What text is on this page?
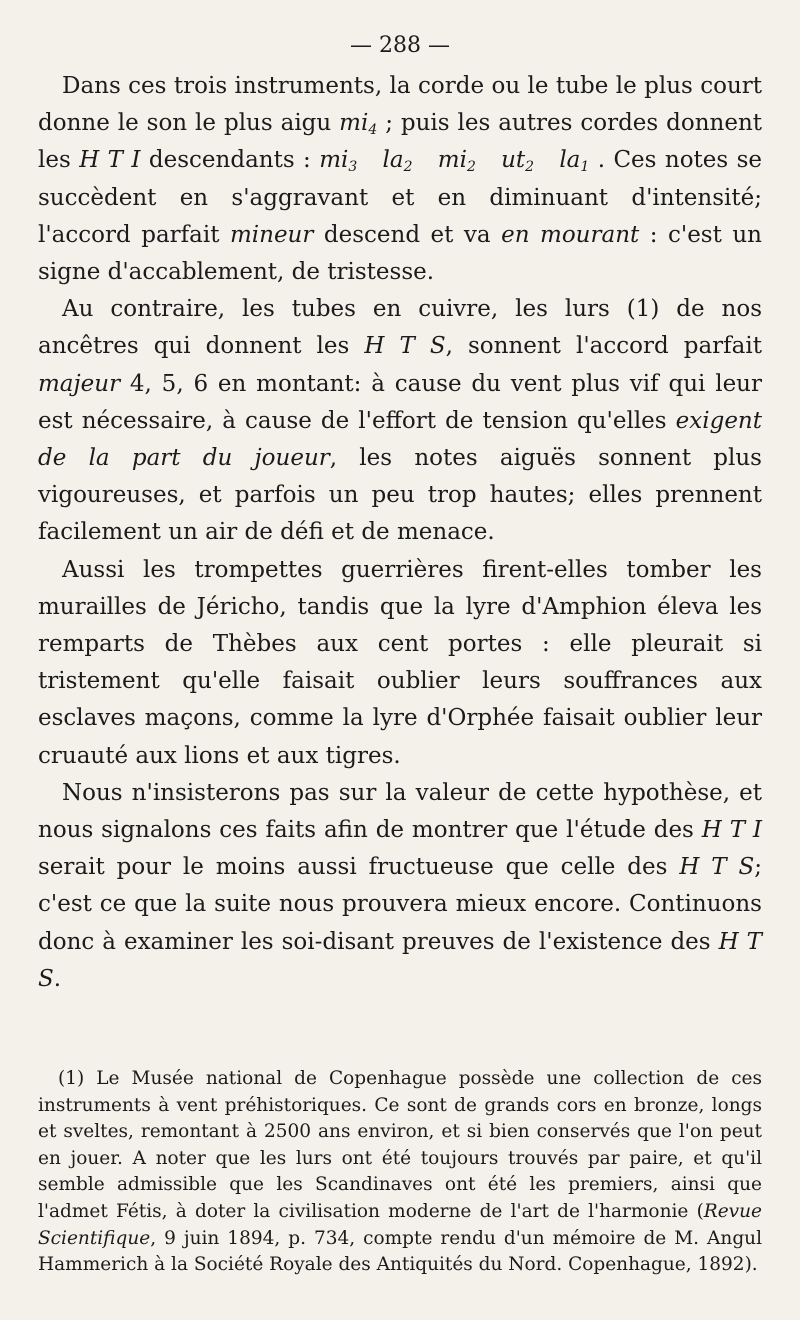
— 288 —

Dans ces trois instruments, la corde ou le tube le plus court donne le son le plus aigu $mi_4$ ; puis les autres cordes donnent les H T I descendants : $mi_3$ $la_2$ $mi_2$ $ut_2$ $la_1$ . Ces notes se succèdent en s'aggravant et en diminuant d'intensité; l'accord parfait mineur descend et va en mourant : c'est un signe d'accablement, de tristesse.

Au contraire, les tubes en cuivre, les lurs (1) de nos ancêtres qui donnent les H T S, sonnent l'accord parfait majeur 4, 5, 6 en montant: à cause du vent plus vif qui leur est nécessaire, à cause de l'effort de tension qu'elles exigent de la part du joueur, les notes aiguës sonnent plus vigoureuses, et parfois un peu trop hautes; elles prennent facilement un air de défi et de menace.

Aussi les trompettes guerrières firent-elles tomber les murailles de Jéricho, tandis que la lyre d'Amphion éleva les remparts de Thèbes aux cent portes : elle pleurait si tristement qu'elle faisait oublier leurs souffrances aux esclaves maçons, comme la lyre d'Orphée faisait oublier leur cruauté aux lions et aux tigres.

Nous n'insisterons pas sur la valeur de cette hypothèse, et nous signalons ces faits afin de montrer que l'étude des H T I serait pour le moins aussi fructueuse que celle des H T S; c'est ce que la suite nous prouvera mieux encore. Continuons donc à examiner les soi-disant preuves de l'existence des H T S.

(1) Le Musée national de Copenhague possède une collection de ces instruments à vent préhistoriques. Ce sont de grands cors en bronze, longs et sveltes, remontant à 2500 ans environ, et si bien conservés que l'on peut en jouer. A noter que les lurs ont été toujours trouvés par paire, et qu'il semble admissible que les Scandinaves ont été les premiers, ainsi que l'admet Fétis, à doter la civilisation moderne de l'art de l'harmonie (Revue Scientifique, 9 juin 1894, p. 734, compte rendu d'un mémoire de M. Angul Hammerich à la Société Royale des Antiquités du Nord. Copenhague, 1892).
